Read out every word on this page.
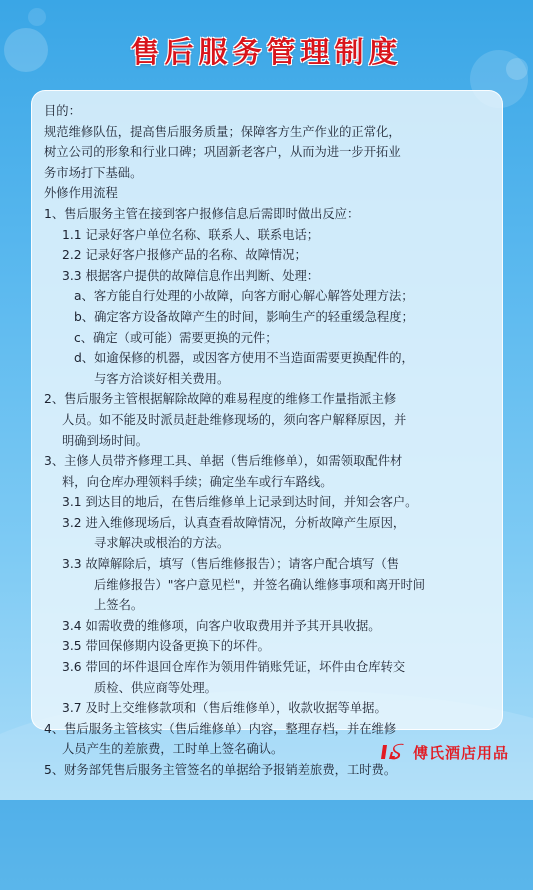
售后服务管理制度
目的：
规范维修队伍，提高售后服务质量；保障客方生产作业的正常化，
树立公司的形象和行业口碑；巩固新老客户，从而为进一步开拓业
务市场打下基础。
外修作用流程
1、售后服务主管在接到客户报修信息后需即时做出反应：
1.1 记录好客户单位名称、联系人、联系电话；
2.2 记录好客户报修产品的名称、故障情况；
3.3 根据客户提供的故障信息作出判断、处理：
a、客方能自行处理的小故障，向客方耐心解心解答处理方法；
b、确定客方设备故障产生的时间，影响生产的轻重缓急程度；
c、确定（或可能）需要更换的元件；
d、如逾保修的机器，或因客方使用不当造面需要更换配件的，
与客方洽谈好相关费用。
2、售后服务主管根据解除故障的难易程度的维修工作量指派主修
人员。如不能及时派员赶赴维修现场的，须向客户解释原因，并
明确到场时间。
3、主修人员带齐修理工具、单据（售后维修单），如需领取配件材
料，向仓库办理领料手续；确定坐车或行车路线。
3.1 到达目的地后，在售后维修单上记录到达时间，并知会客户。
3.2 进入维修现场后，认真查看故障情况，分析故障产生原因，
寻求解决或根治的方法。
3.3 故障解除后，填写（售后维修报告）；请客户配合填写（售
后维修报告）"客户意见栏"，并签名确认维修事项和离开时间
上签名。
3.4 如需收费的维修项，向客户收取费用并予其开具收据。
3.5 带回保修期内设备更换下的坏件。
3.6 带回的坏件退回仓库作为领用件销账凭证，坏件由仓库转交
质检、供应商等处理。
3.7 及时上交维修款项和（售后维修单），收款收据等单据。
4、售后服务主管核实（售后维修单）内容，整理存档，并在维修
人员产生的差旅费，工时单上签名确认。
5、财务部凭售后服务主管签名的单据给予报销差旅费，工时费。
傅氏酒店用品
